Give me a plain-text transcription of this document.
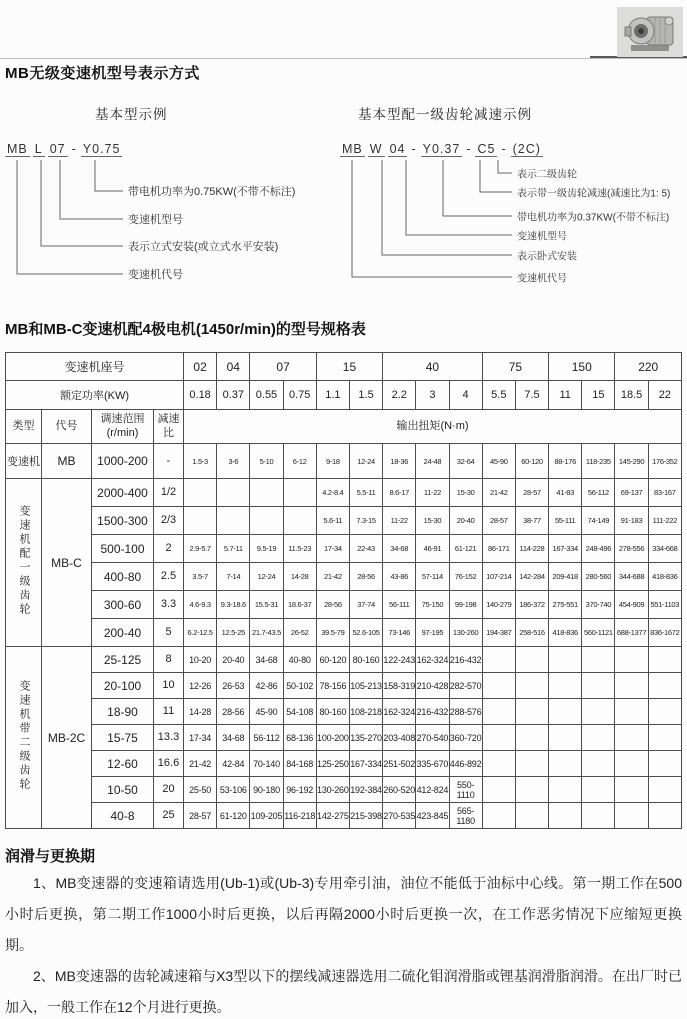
MB无级变速机型号表示方式
基本型示例	基本型配一级齿轮减速示例
MB L 07 - Y0.75
带电机功率为0.75KW(不带不标注)
变速机型号
表示立式安装(或立式水平安装)
变速机代号
MB W 04 - Y0.37 - C5 - (2C)
表示二级齿轮
表示带一级齿轮减速(减速比为1: 5)
带电机功率为0.37KW(不带不标注)
变速机型号
表示卧式安装
变速机代号
MB和MB-C变速机配4极电机(1450r/min)的型号规格表
变速机座号				02	04	07		15		40			75		150		220	
额定功率(KW)				0.18	0.37	0.55	0.75	1.1	1.5	2.2	3	4	5.5	7.5	11	15	18.5	22
类型	代号	调速范围(r/min)	减速比	输出扭矩(N·m)														
变速机	MB	1000-200	-	1.5-3	3-6	5-10	6-12	9-18	12-24	18-36	24-48	32-64	45-90	60-120	88-176	118-235	145-290	176-352
变速机配一级齿轮	MB-C	2000-400	1/2					4.2-8.4	5.5-11	8.6-17	11-22	15-30	21-42	28-57	41-83	56-112	69-137	83-167
		1500-300	2/3					5.6-11	7.3-15	11-22	15-30	20-40	28-57	38-77	55-111	74-149	91-183	111-222
		500-100	2	2.9-5.7	5.7-11	9.5-19	11.5-23	17-34	22-43	34-68	46-91	61-121	86-171	114-228	167-334	248-496	278-556	334-668
		400-80	2.5	3.5-7	7-14	12-24	14-28	21-42	28-56	43-86	57-114	76-152	107-214	142-284	209-418	280-560	344-688	418-836
		300-60	3.3	4.6-9.3	9.3-18.6	15.5-31	18.6-37	28-56	37-74	56-111	75-150	99-198	140-279	186-372	275-551	370-740	454-909	551-1103
		200-40	5	6.2-12.5	12.5-25	21.7-43.5	26-52	39.5-79	52.6-105	73-146	97-195	130-260	194-387	258-516	418-836	560-1121	688-1377	836-1672
变速机带二级齿轮	MB-2C	25-125	8	10-20	20-40	34-68	40-80	60-120	80-160	122-243	162-324	216-432						
		20-100	10	12-26	26-53	42-86	50-102	78-156	105-213	158-319	210-428	282-570						
		18-90	11	14-28	28-56	45-90	54-108	80-160	108-218	162-324	216-432	288-576						
		15-75	13.3	17-34	34-68	56-112	68-136	100-200	135-270	203-408	270-540	360-720						
		12-60	16.6	21-42	42-84	70-140	84-168	125-250	167-334	251-502	335-670	446-892						
		10-50	20	25-50	53-106	90-180	96-192	130-260	192-384	260-520	412-824	550-1110						
		40-8	25	28-57	61-120	109-205	116-218	142-275	215-398	270-535	423-845	565-1180						
润滑与更换期

1、MB变速器的变速箱请选用(Ub-1)或(Ub-3)专用牵引油，油位不能低于油标中心线。第一期工作在500小时后更换，第二期工作1000小时后更换，以后再隔2000小时后更换一次，在工作恶劣情况下应缩短更换期。

2、MB变速器的齿轮减速箱与X3型以下的摆线减速器选用二硫化钼润滑脂或锂基润滑脂润滑。在出厂时已加入，一般工作在12个月进行更换。
